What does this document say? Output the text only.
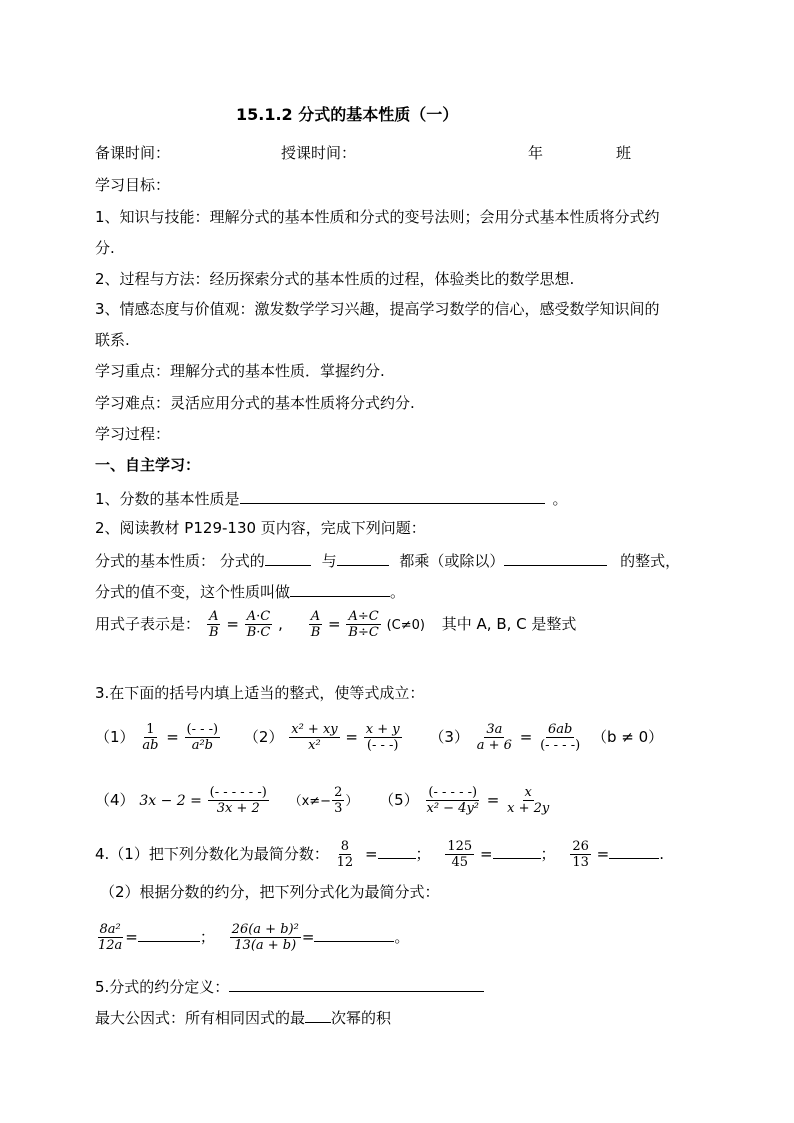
15.1.2 分式的基本性质（一）
备课时间：	授课时间：	年	班
学习目标：
1、知识与技能：理解分式的基本性质和分式的变号法则；会用分式基本性质将分式约
分.
2、过程与方法：经历探索分式的基本性质的过程，体验类比的数学思想.
3、情感态度与价值观：激发数学学习兴趣，提高学习数学的信心，感受数学知识间的
联系.
学习重点：理解分式的基本性质．掌握约分.
学习难点：灵活应用分式的基本性质将分式约分.
学习过程：
一、自主学习：
1、分数的基本性质是	。
2、阅读教材 P129-130 页内容，完成下列问题：
分式的基本性质： 分式的	与	都乘（或除以）	的整式，
分式的值不变，这个性质叫做	。
用式子表示是： $\frac{A}{B} = \frac{A\cdot C}{B\cdot C}$ , $\frac{A}{B} = \frac{A\div C}{B\div C} (C\ne 0)$ 其中 A, B, C 是整式
3.在下面的括号内填上适当的整式，使等式成立：
$(1) \frac{1}{ab} = \frac{(- - -)}{\text{a²b}} (2) \frac{\text{x² + xy}}{\text{x²}} = \frac{x + y}{(- - -)} (3) \frac{3a}{a + 6} = \frac{6ab}{(- - - -)} (b \ne 0)$
（4） $3x - 2 = \frac{(- - - - - -)}{3x + 2} (x\ne- \frac{2}{3}$ ） $(5) \frac{(- - - - -)}{\text{x² − 4y²}} = \frac{x}{x + 2y}$
4.（1）把下列分数化为最简分数： $\frac{8}{12}$ =	； $\frac{125}{45}$ =	； $\frac{26}{13}$ =	.
（2）根据分数的约分，把下列分式化为最简分式：
$\frac{\text{8a²}}{12a}$ =	； $\frac{\text{26(a + b)²}}{13(a + b)}$ =	。
5.分式的约分定义：
最大公因式：所有相同因式的最 次幂的积
